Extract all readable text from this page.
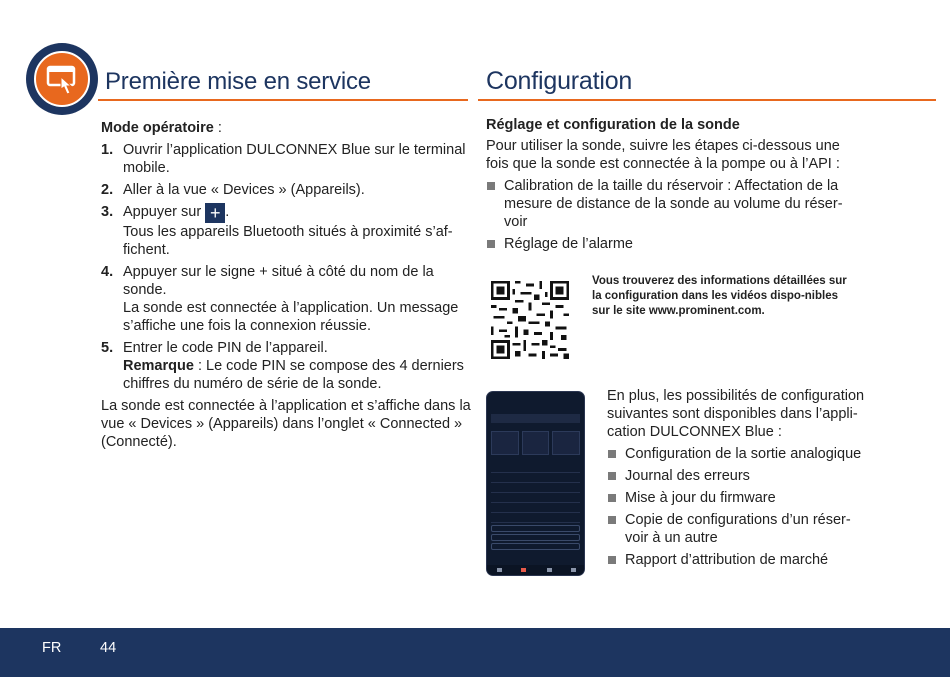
Première mise en service	Configuration
Mode opératoire :
1. Ouvrir l’application DULCONNEX Blue sur le terminal mobile.
2. Aller à la vue « Devices » (Appareils).
3. Appuyer sur + .
Tous les appareils Bluetooth situés à proximité s’af-fichent.
4. Appuyer sur le signe + situé à côté du nom de la sonde.
La sonde est connectée à l’application. Un message s’affiche une fois la connexion réussie.
5. Entrer le code PIN de l’appareil.
Remarque : Le code PIN se compose des 4 derniers chiffres du numéro de série de la sonde.
La sonde est connectée à l’application et s’affiche dans la vue « Devices » (Appareils) dans l’onglet « Connected » (Connecté).
Réglage et configuration de la sonde
Pour utiliser la sonde, suivre les étapes ci-dessous une fois que la sonde est connectée à la pompe ou à l’API :
Calibration de la taille du réservoir : Affectation de la mesure de distance de la sonde au volume du réser-voir
Réglage de l’alarme
Vous trouverez des informations détaillées sur la configuration dans les vidéos dispo-nibles sur le site www.prominent.com.
En plus, les possibilités de configuration suivantes sont disponibles dans l’appli-cation DULCONNEX Blue :
Configuration de la sortie analogique
Journal des erreurs
Mise à jour du firmware
Copie de configurations d’un réser-voir à un autre
Rapport d’attribution de marché
FR	44
